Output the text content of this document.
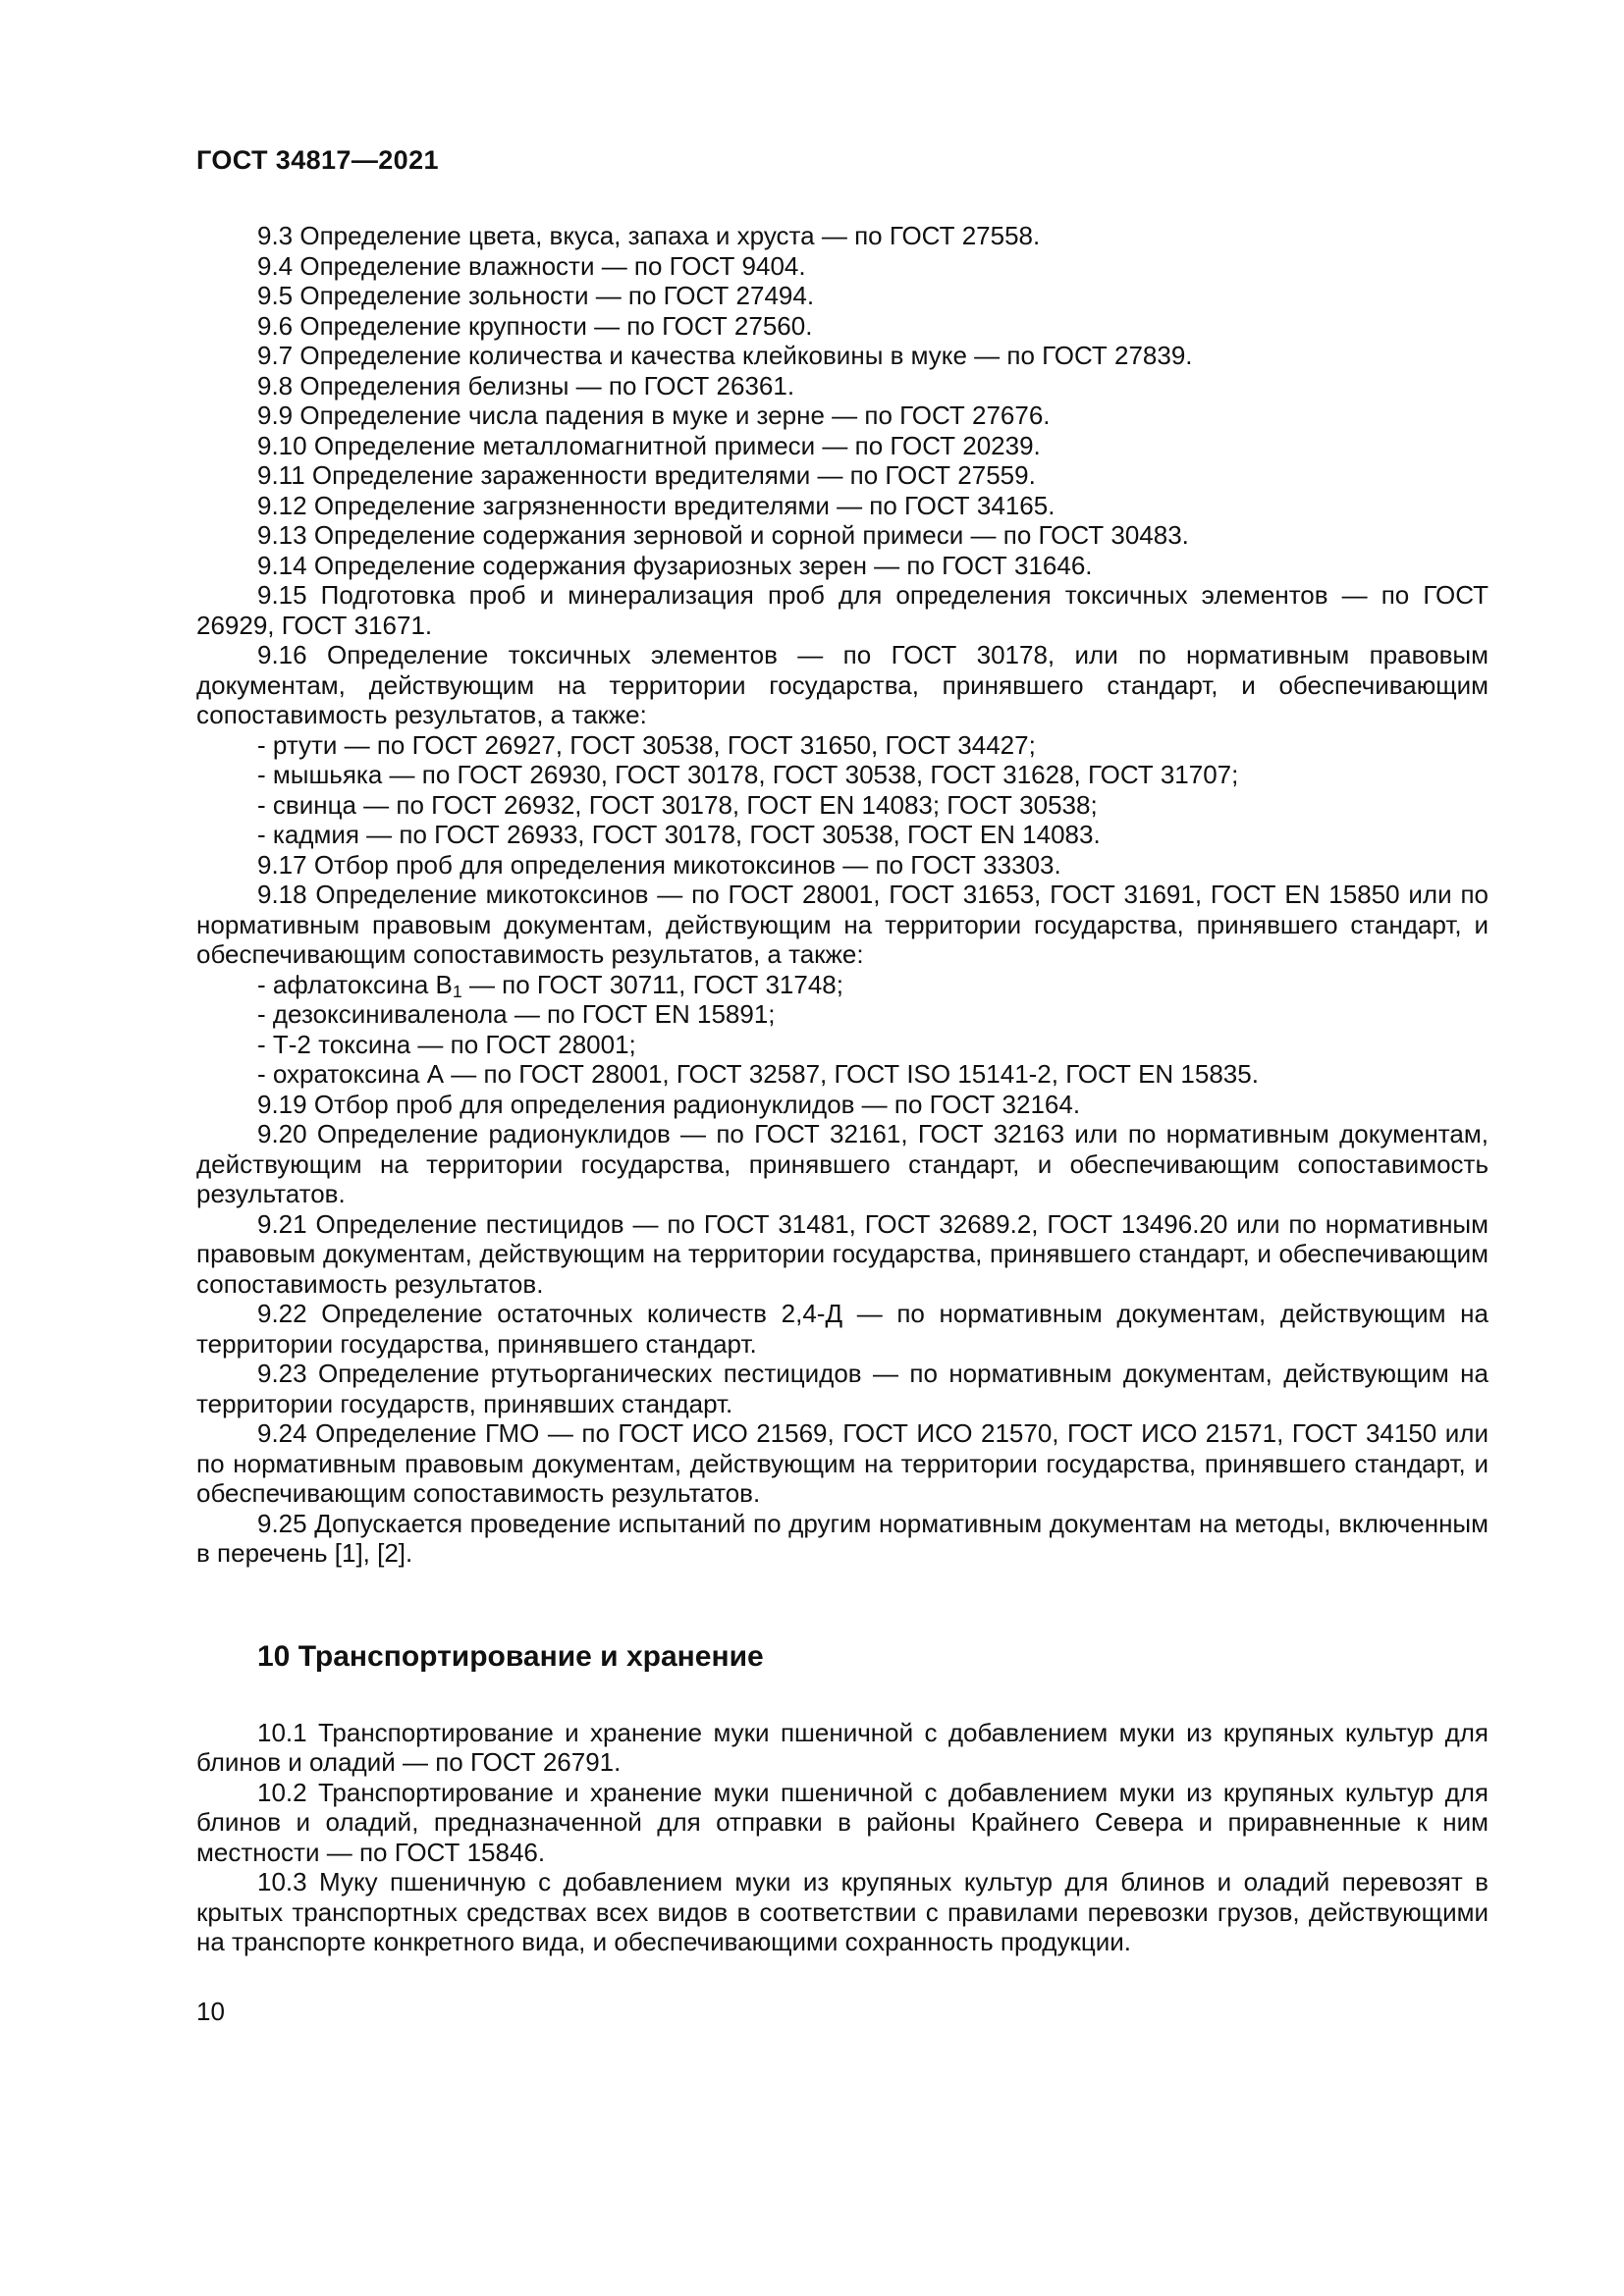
ГОСТ 34817—2021

9.3 Определение цвета, вкуса, запаха и хруста — по ГОСТ 27558.

9.4 Определение влажности — по ГОСТ 9404.

9.5 Определение зольности — по ГОСТ 27494.

9.6 Определение крупности — по ГОСТ 27560.

9.7 Определение количества и качества клейковины в муке — по ГОСТ 27839.

9.8 Определения белизны — по ГОСТ 26361.

9.9 Определение числа падения в муке и зерне — по ГОСТ 27676.

9.10 Определение металломагнитной примеси — по ГОСТ 20239.

9.11 Определение зараженности вредителями — по ГОСТ 27559.

9.12 Определение загрязненности вредителями — по ГОСТ 34165.

9.13 Определение содержания зерновой и сорной примеси — по ГОСТ 30483.

9.14 Определение содержания фузариозных зерен — по ГОСТ 31646.

9.15 Подготовка проб и минерализация проб для определения токсичных элементов — по ГОСТ 26929, ГОСТ 31671.

9.16 Определение токсичных элементов — по ГОСТ 30178, или по нормативным правовым документам, действующим на территории государства, принявшего стандарт, и обеспечивающим сопоставимость результатов, а также:

- ртути — по ГОСТ 26927, ГОСТ 30538, ГОСТ 31650, ГОСТ 34427;

- мышьяка — по ГОСТ 26930, ГОСТ 30178, ГОСТ 30538, ГОСТ 31628, ГОСТ 31707;

- свинца — по ГОСТ 26932, ГОСТ 30178, ГОСТ EN 14083; ГОСТ 30538;

- кадмия — по ГОСТ 26933, ГОСТ 30178, ГОСТ 30538, ГОСТ EN 14083.

9.17 Отбор проб для определения микотоксинов — по ГОСТ 33303.

9.18 Определение микотоксинов — по ГОСТ 28001, ГОСТ 31653, ГОСТ 31691, ГОСТ EN 15850 или по нормативным правовым документам, действующим на территории государства, принявшего стандарт, и обеспечивающим сопоставимость результатов, а также:

- афлатоксина $В_1$ — по ГОСТ 30711, ГОСТ 31748;

- дезоксиниваленола — по ГОСТ EN 15891;

- Т-2 токсина — по ГОСТ 28001;

- охратоксина А — по ГОСТ 28001, ГОСТ 32587, ГОСТ ISO 15141-2, ГОСТ EN 15835.

9.19 Отбор проб для определения радионуклидов — по ГОСТ 32164.

9.20 Определение радионуклидов — по ГОСТ 32161, ГОСТ 32163 или по нормативным документам, действующим на территории государства, принявшего стандарт, и обеспечивающим сопоставимость результатов.

9.21 Определение пестицидов — по ГОСТ 31481, ГОСТ 32689.2, ГОСТ 13496.20 или по нормативным правовым документам, действующим на территории государства, принявшего стандарт, и обеспечивающим сопоставимость результатов.

9.22 Определение остаточных количеств 2,4-Д — по нормативным документам, действующим на территории государства, принявшего стандарт.

9.23 Определение ртутьорганических пестицидов — по нормативным документам, действующим на территории государств, принявших стандарт.

9.24 Определение ГМО — по ГОСТ ИСО 21569, ГОСТ ИСО 21570, ГОСТ ИСО 21571, ГОСТ 34150 или по нормативным правовым документам, действующим на территории государства, принявшего стандарт, и обеспечивающим сопоставимость результатов.

9.25 Допускается проведение испытаний по другим нормативным документам на методы, включенным в перечень [1], [2].

10 Транспортирование и хранение

10.1 Транспортирование и хранение муки пшеничной с добавлением муки из крупяных культур для блинов и оладий — по ГОСТ 26791.

10.2 Транспортирование и хранение муки пшеничной с добавлением муки из крупяных культур для блинов и оладий, предназначенной для отправки в районы Крайнего Севера и приравненные к ним местности — по ГОСТ 15846.

10.3 Муку пшеничную с добавлением муки из крупяных культур для блинов и оладий перевозят в крытых транспортных средствах всех видов в соответствии с правилами перевозки грузов, действующими на транспорте конкретного вида, и обеспечивающими сохранность продукции.

10
